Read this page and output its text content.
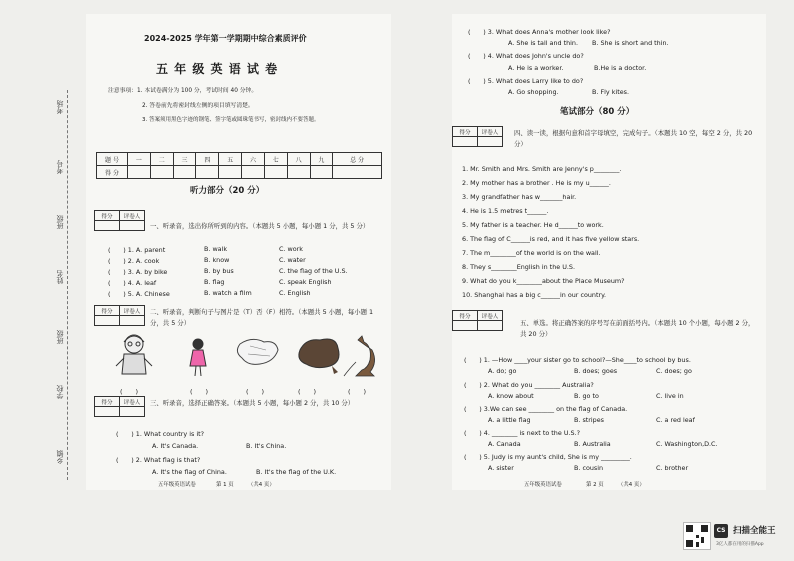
考场
考号
班级
姓名
班级
学校
乡镇
2024-2025 学年第一学期期中综合素质评价
五 年 级 英 语 试 卷
注意事项：1. 本试卷满分为 100 分，考试时间 40 分钟。
2. 答卷前先将密封线左侧的项目填写清楚。
3. 答案须用黑色字迹的钢笔、签字笔或圆珠笔书写，密封线内不要答题。
题 号	一	二	三	四	五	六	七	八	九	总 分
得 分										
听力部分（20 分）
得分	评卷人

一、听录音，选出你所听到的内容。（本题共 5 小题，每小题 1 分，共 5 分）
(　　) 1. A. parent	B. walk	C. work
(　　) 2. A. cook	B. know	C. water
(　　) 3. A. by bike	B. by bus	C. the flag of the U.S.
(　　) 4. A. leaf	B. flag	C. speak English
(　　) 5. A. Chinese	B. watch a film	C. English
得分	评卷人
	二、听录音，判断句子与图片是（T）否（F）相符。（本题共 5 小题，每小题 1 分，共 5 分）
(　　)	(　　)	(　　)	(　　)	(　　)
得分	评卷人
	三、听录音，选择正确答案。（本题共 5 小题，每小题 2 分，共 10 分）
(　　) 1. What country is it?
A. It's Canada.	B. It's China.
(　　) 2. What flag is that?
A. It's the flag of China.	B. It's the flag of the U.K.
五年级英语试卷	第 1 页	（共4 页）
(　　) 3. What does Anna's mother look like?
A. She is tall and thin. B. She is short and thin.
(　　) 4. What does John's uncle do?
A. He is a worker.	B.He is a doctor.
(　　) 5. What does Larry like to do?
A. Go shopping.	B. Fly kites.
笔试部分（80 分）
得分	评卷人
	四、读一读，根据句意和首字母填空，完成句子。（本题共 10 空，每空 2 分，共 20 分）
1. Mr. Smith and Mrs. Smith are Jenny's p________.
2. My mother has a brother . He is my u______.
3. My grandfather has w_______hair.
4. He is 1.5 metres t______.
5. My father is a teacher. He d______to work.
6. The flag of C______is red, and it has five yellow stars.
7. The m________of the world is on the wall.
8. They s________English in the U.S.
9. What do you k________about the Place Museum?
10. Shanghai has a big c______in our country.
得分	评卷人

五、单选。将正确答案的序号写在前面括号内。（本题共 10 个小题，每小题 2 分，共 20 分）
(　　) 1. —How ____your sister go to school?—She____to school by bus.
A. do; go	B. does; goes	C. does; go
(　　) 2. What do you ________ Australia?
A. know about	B. go to	C. live in
(　　) 3.We can see ________ on the flag of Canada.
A. a little flag	B. stripes	C. a red leaf
(　　) 4. ________ is next to the U.S.?
A. Canada	B. Australia	C. Washington,D.C.
(　　) 5. Judy is my aunt's child, She is my _________.
A. sister	B. cousin	C. brother
五年级英语试卷	第 2 页	（共4 页）
CS 扫描全能王
3亿人都在用的扫描App
